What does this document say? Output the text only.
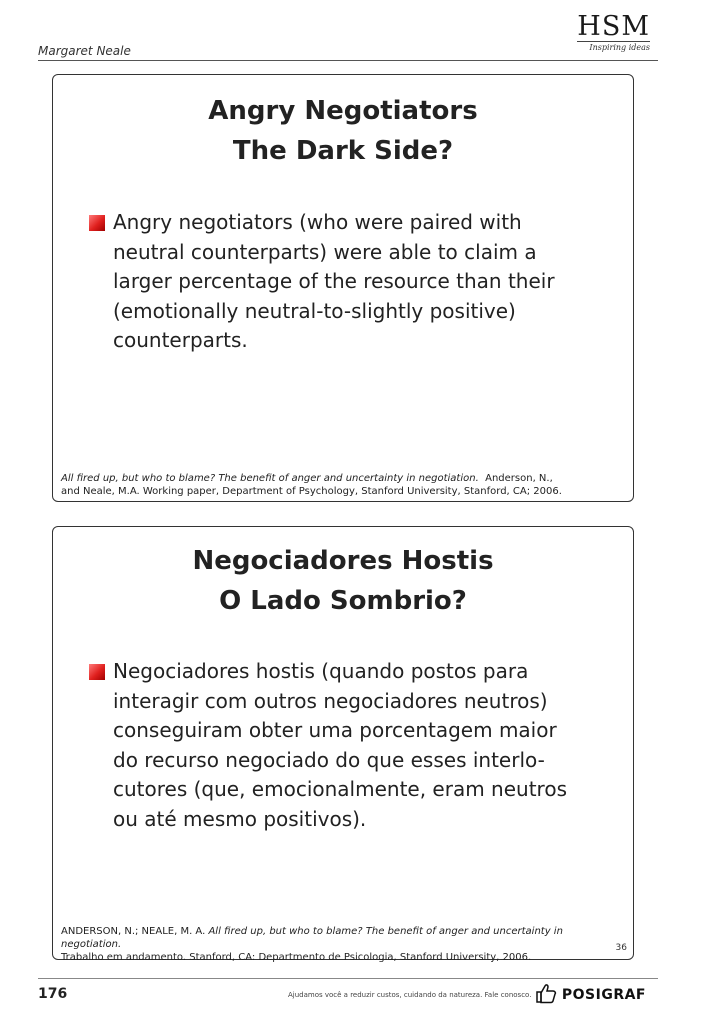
Margaret Neale
HSM
Inspiring ideas
Angry Negotiators
The Dark Side?
Angry negotiators (who were paired with
neutral counterparts) were able to claim a
larger percentage of the resource than their
(emotionally neutral-to-slightly positive)
counterparts.
All fired up, but who to blame? The benefit of anger and uncertainty in negotiation. Anderson, N.,
and Neale, M.A. Working paper, Department of Psychology, Stanford University, Stanford, CA; 2006.
Negociadores Hostis
O Lado Sombrio?
Negociadores hostis (quando postos para
interagir com outros negociadores neutros)
conseguiram obter uma porcentagem maior
do recurso negociado do que esses interlo-
cutores (que, emocionalmente, eram neutros
ou até mesmo positivos).
ANDERSON, N.; NEALE, M. A. All fired up, but who to blame? The benefit of anger and uncertainty in negotiation.
Trabalho em andamento. Stanford, CA: Departmento de Psicologia, Stanford University, 2006.
36
176	Ajudamos você a reduzir custos, cuidando da natureza. Fale conosco. POSIGRAF
